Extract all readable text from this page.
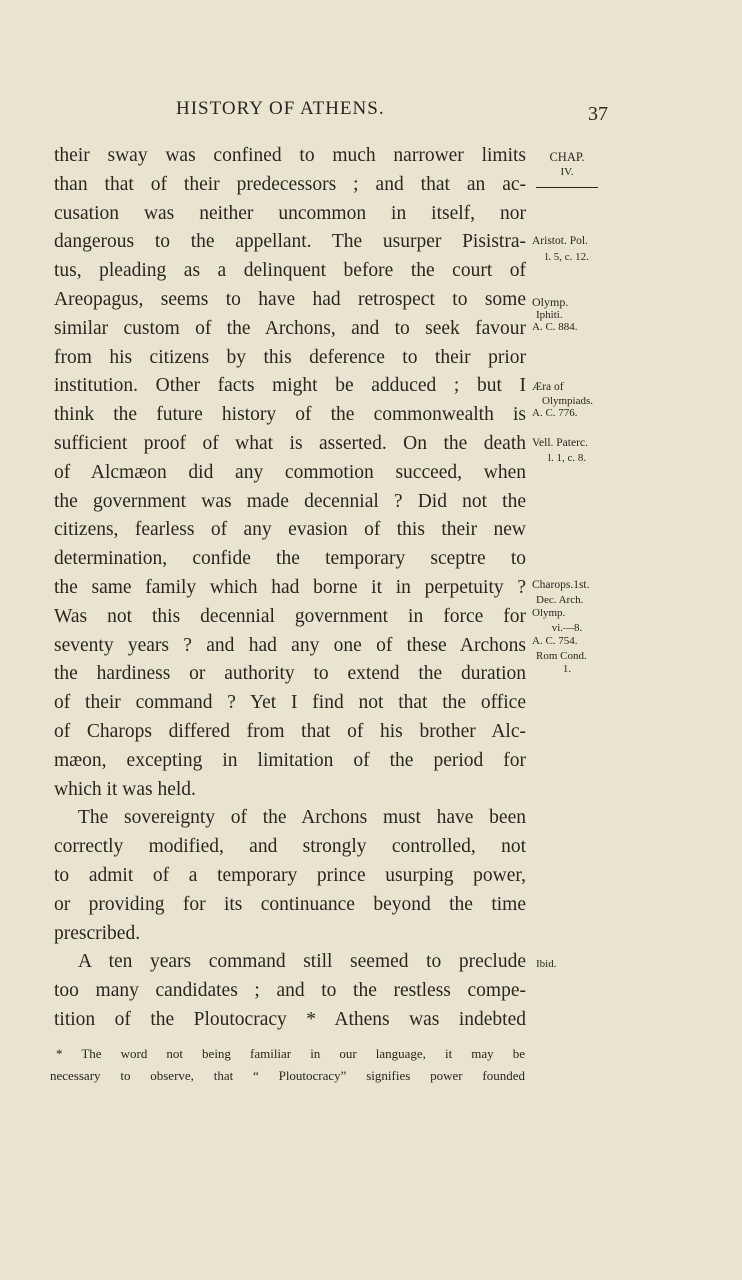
HISTORY OF ATHENS.	37
their sway was confined to much narrower limits
than that of their predecessors ; and that an ac-
cusation was neither uncommon in itself, nor
dangerous to the appellant. The usurper Pisistra-
tus, pleading as a delinquent before the court of
Areopagus, seems to have had retrospect to some
similar custom of the Archons, and to seek favour
from his citizens by this deference to their prior
institution. Other facts might be adduced ; but I
think the future history of the commonwealth is
sufficient proof of what is asserted. On the death
of Alcmæon did any commotion succeed, when
the government was made decennial ? Did not the
citizens, fearless of any evasion of this their new
determination, confide the temporary sceptre to
the same family which had borne it in perpetuity ?
Was not this decennial government in force for
seventy years ? and had any one of these Archons
the hardiness or authority to extend the duration
of their command ? Yet I find not that the office
of Charops differed from that of his brother Alc-
mæon, excepting in limitation of the period for
which it was held.
The sovereignty of the Archons must have been
correctly modified, and strongly controlled, not
to admit of a temporary prince usurping power,
or providing for its continuance beyond the time
prescribed.
A ten years command still seemed to preclude
too many candidates ; and to the restless compe-
tition of the Ploutocracy * Athens was indebted
CHAP.
IV.
Aristot. Pol.
l. 5, c. 12.
Olymp.
Iphiti.
A. C. 884.
Æra of
Olympiads.
A. C. 776.
Vell. Paterc.
l. 1, c. 8.
Charops.1st.
Dec. Arch.
Olymp.
vi.—8.
A. C. 754.
Rom Cond.
1.
Ibid.
* The word not being familiar in our language, it may be
necessary to observe, that “ Ploutocracy” signifies power founded
